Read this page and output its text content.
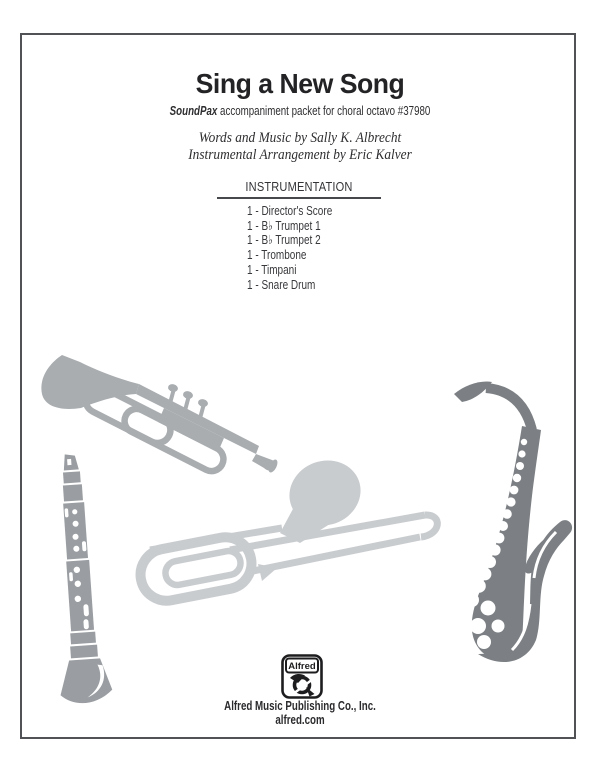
Sing a New Song
SoundPax accompaniment packet for choral octavo #37980
Words and Music by Sally K. Albrecht
Instrumental Arrangement by Eric Kalver
INSTRUMENTATION
1 - Director's Score
1 - B♭ Trumpet 1
1 - B♭ Trumpet 2
1 - Trombone
1 - Timpani
1 - Snare Drum
Alfred
Alfred Music Publishing Co., Inc.
alfred.com
